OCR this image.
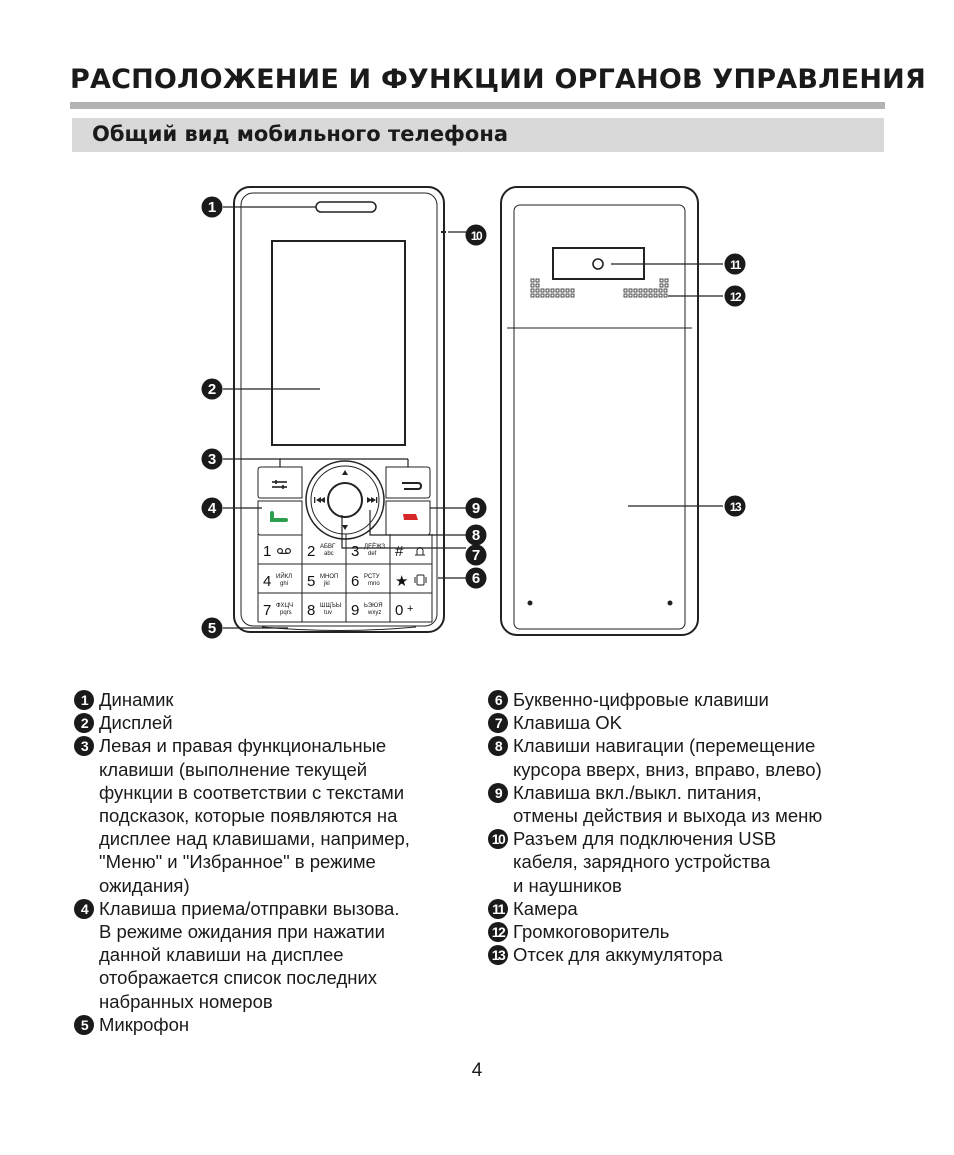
РАСПОЛОЖЕНИЕ И ФУНКЦИИ ОРГАНОВ УПРАВЛЕНИЯ
Общий вид мобильного телефона
1 2 АБВГ
abc 3 ДЕЁЖЗ
def #
4 ИЙКЛ
ghi 5 МНОП
jkl 6 РСТУ
mno ★
7 ФХЦЧ
pqrs 8 ШЩЪЫ
tuv 9 ЬЭЮЯ
wxyz 0 +
1
2
3
4
5
6
7
8
9
10
11
12
13
1 Динамик
2 Дисплей
3 Левая и правая функциональные
клавиши (выполнение текущей
функции в соответствии с текстами
подсказок, которые появляются на
дисплее над клавишами, например,
"Меню" и "Избранное" в режиме
ожидания)
4 Клавиша приема/отправки вызова.
В режиме ожидания при нажатии
данной клавиши на дисплее
отображается список последних
набранных номеров
5 Микрофон
6 Буквенно-цифровые клавиши
7 Клавиша OK
8 Клавиши навигации (перемещение
курсора вверх, вниз, вправо, влево)
9 Клавиша вкл./выкл. питания,
отмены действия и выхода из меню
10 Разъем для подключения USB
кабеля, зарядного устройства
и наушников
11 Камера
12 Громкоговоритель
13 Отсек для аккумулятора
4
